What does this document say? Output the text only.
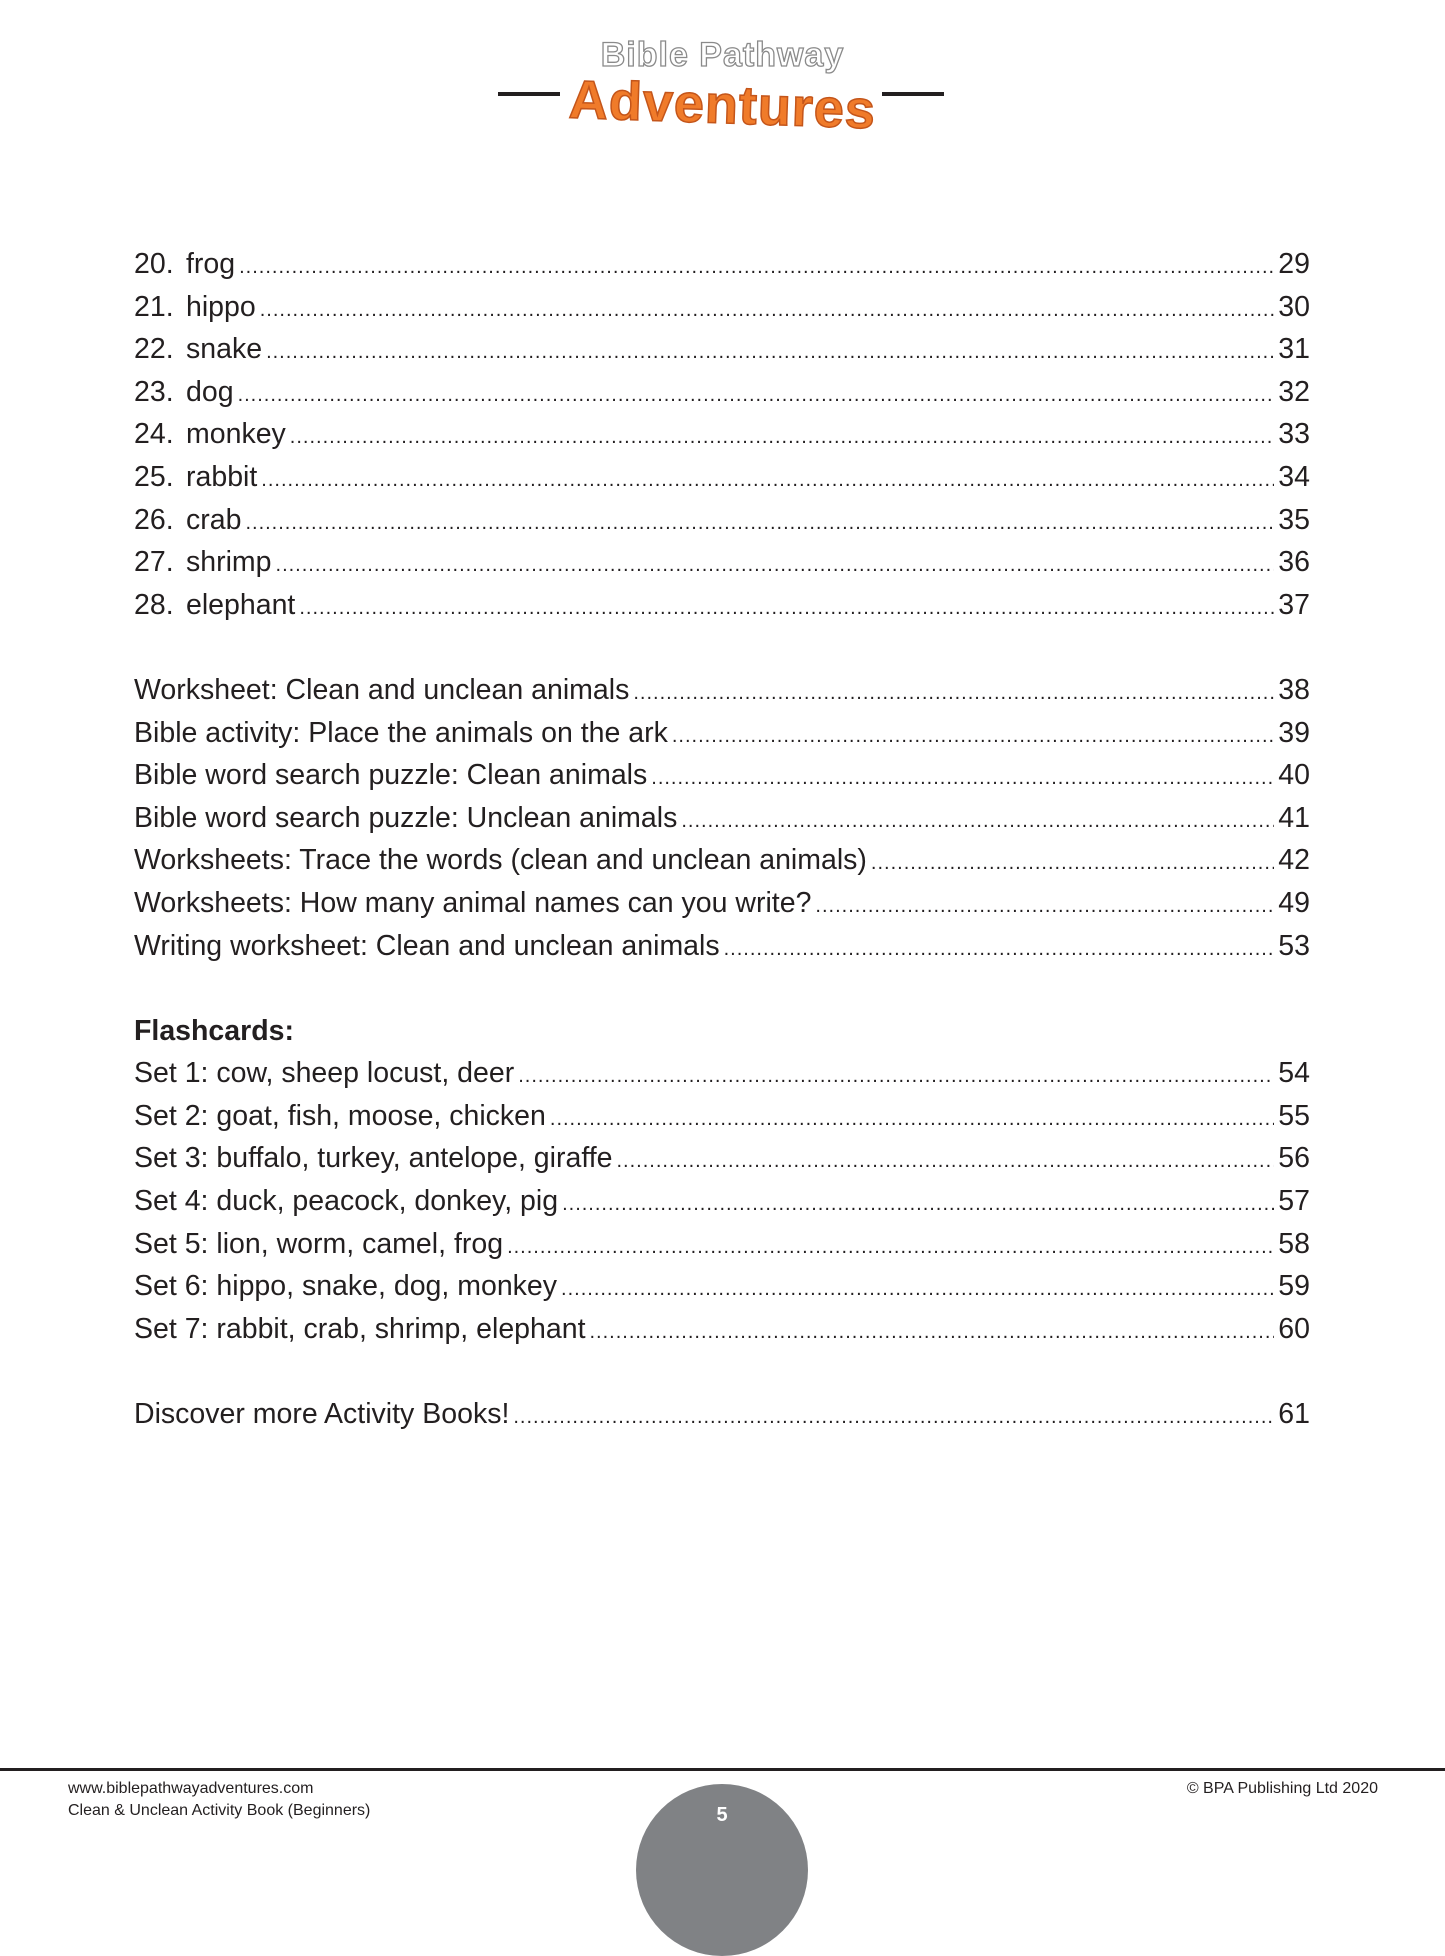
Bible Pathway
Adventures
20. frog .....	29
21. hippo .....	30
22. snake .....	31
23. dog .....	32
24. monkey .....	33
25. rabbit .....	34
26. crab .....	35
27. shrimp .....	36
28. elephant .....	37
Worksheet: Clean and unclean animals .....	38
Bible activity: Place the animals on the ark .....	39
Bible word search puzzle: Clean animals .....	40
Bible word search puzzle: Unclean animals .....	41
Worksheets: Trace the words (clean and unclean animals) .....	42
Worksheets: How many animal names can you write? .....	49
Writing worksheet: Clean and unclean animals .....	53
Flashcards:
Set 1: cow, sheep locust, deer .....	54
Set 2: goat, fish, moose, chicken .....	55
Set 3: buffalo, turkey, antelope, giraffe .....	56
Set 4: duck, peacock, donkey, pig .....	57
Set 5: lion, worm, camel, frog .....	58
Set 6: hippo, snake, dog, monkey .....	59
Set 7: rabbit, crab, shrimp, elephant .....	60
Discover more Activity Books! .....	61
www.biblepathwayadventures.com
Clean & Unclean Activity Book (Beginners)
© BPA Publishing Ltd 2020
5
